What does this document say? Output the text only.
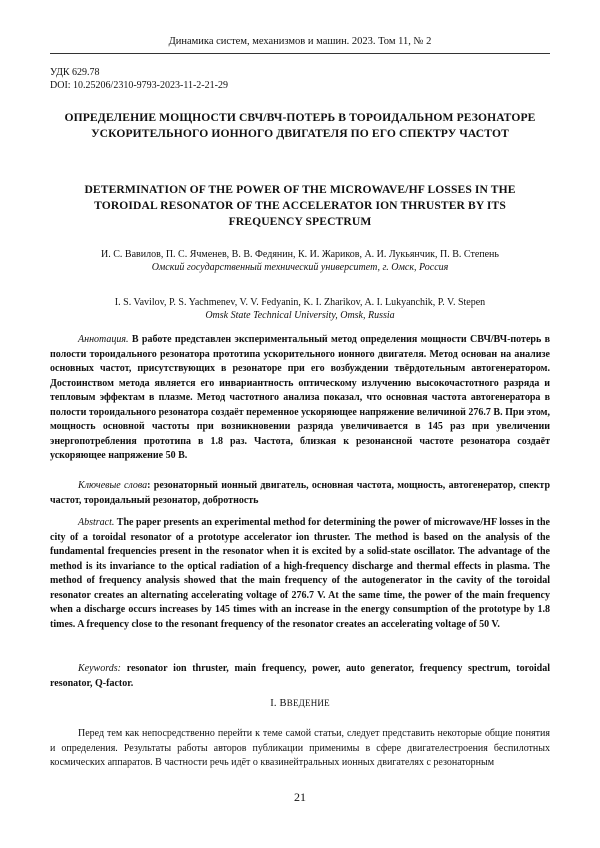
Динамика систем, механизмов и машин. 2023. Том 11, № 2
УДК 629.78
DOI: 10.25206/2310-9793-2023-11-2-21-29
ОПРЕДЕЛЕНИЕ МОЩНОСТИ СВЧ/ВЧ-ПОТЕРЬ В ТОРОИДАЛЬНОМ РЕЗОНАТОРЕ УСКОРИТЕЛЬНОГО ИОННОГО ДВИГАТЕЛЯ ПО ЕГО СПЕКТРУ ЧАСТОТ
DETERMINATION OF THE POWER OF THE MICROWAVE/HF LOSSES IN THE TOROIDAL RESONATOR OF THE ACCELERATOR ION THRUSTER BY ITS FREQUENCY SPECTRUM
И. С. Вавилов, П. С. Ячменев, В. В. Федянин, К. И. Жариков, А. И. Лукьянчик, П. В. Степень
Омский государственный технический университет, г. Омск, Россия
I. S. Vavilov, P. S. Yachmenev, V. V. Fedyanin, K. I. Zharikov, A. I. Lukyanchik, P. V. Stepen
Omsk State Technical University, Omsk, Russia

Аннотация. В работе представлен экспериментальный метод определения мощности СВЧ/ВЧ-потерь в полости тороидального резонатора прототипа ускорительного ионного двигателя. Метод основан на анализе основных частот, присутствующих в резонаторе при его возбуждении твёрдотельным автогенератором. Достоинством метода является его инвариантность оптическому излучению высокочастотного разряда и тепловым эффектам в плазме. Метод частотного анализа показал, что основная частота автогенератора в полости тороидального резонатора создаёт переменное ускоряющее напряжение величиной 276.7 В. При этом, мощность основной частоты при возникновении разряда увеличивается в 145 раз при увеличении энергопотребления прототипа в 1.8 раз. Частота, близкая к резонансной частоте резонатора создаёт ускоряющее напряжение 50 В.

Ключевые слова: резонаторный ионный двигатель, основная частота, мощность, автогенератор, спектр частот, тороидальный резонатор, добротность

Abstract. The paper presents an experimental method for determining the power of microwave/HF losses in the city of a toroidal resonator of a prototype accelerator ion thruster. The method is based on the analysis of the fundamental frequencies present in the resonator when it is excited by a solid-state oscillator. The advantage of the method is its invariance to the optical radiation of a high-frequency discharge and thermal effects in plasma. The method of frequency analysis showed that the main frequency of the autogenerator in the cavity of the toroidal resonator creates an alternating accelerating voltage of 276.7 V. At the same time, the power of the main frequency when a discharge occurs increases by 145 times with an increase in the energy consumption of the prototype by 1.8 times. A frequency close to the resonant frequency of the resonator creates an accelerating voltage of 50 V.

Keywords: resonator ion thruster, main frequency, power, auto generator, frequency spectrum, toroidal resonator, Q-factor.

I. ВВЕДЕНИЕ

Перед тем как непосредственно перейти к теме самой статьи, следует представить некоторые общие понятия и определения. Результаты работы авторов публикации применимы в сфере двигателестроения беспилотных космических аппаратов. В частности речь идёт о квазинейтральных ионных двигателях с резонаторным

21
